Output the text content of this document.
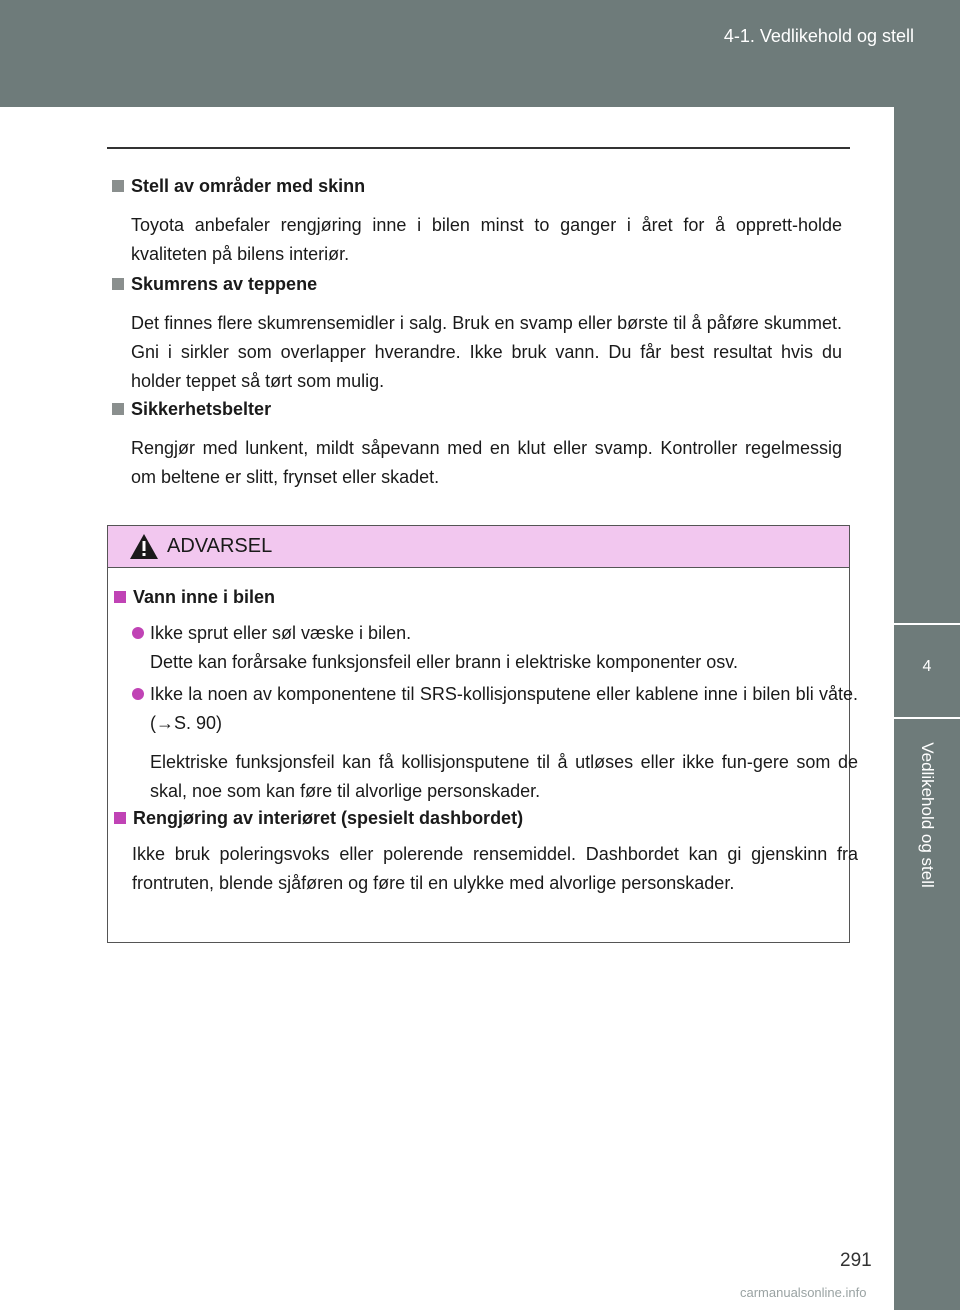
4-1. Vedlikehold og stell
4
Vedlikehold og stell
Stell av områder med skinn
Toyota anbefaler rengjøring inne i bilen minst to ganger i året for å opprett-holde kvaliteten på bilens interiør.
Skumrens av teppene
Det finnes flere skumrensemidler i salg. Bruk en svamp eller børste til å påføre skummet. Gni i sirkler som overlapper hverandre. Ikke bruk vann. Du får best resultat hvis du holder teppet så tørt som mulig.
Sikkerhetsbelter
Rengjør med lunkent, mildt såpevann med en klut eller svamp. Kontroller regelmessig om beltene er slitt, frynset eller skadet.
ADVARSEL
Vann inne i bilen
Ikke sprut eller søl væske i bilen.
Dette kan forårsake funksjonsfeil eller brann i elektriske komponenter osv.
Ikke la noen av komponentene til SRS-kollisjonsputene eller kablene inne i bilen bli våte. (→S. 90)
Elektriske funksjonsfeil kan få kollisjonsputene til å utløses eller ikke fun-gere som de skal, noe som kan føre til alvorlige personskader.
Rengjøring av interiøret (spesielt dashbordet)
Ikke bruk poleringsvoks eller polerende rensemiddel. Dashbordet kan gi gjenskinn fra frontruten, blende sjåføren og føre til en ulykke med alvorlige personskader.
291
carmanualsonline.info
